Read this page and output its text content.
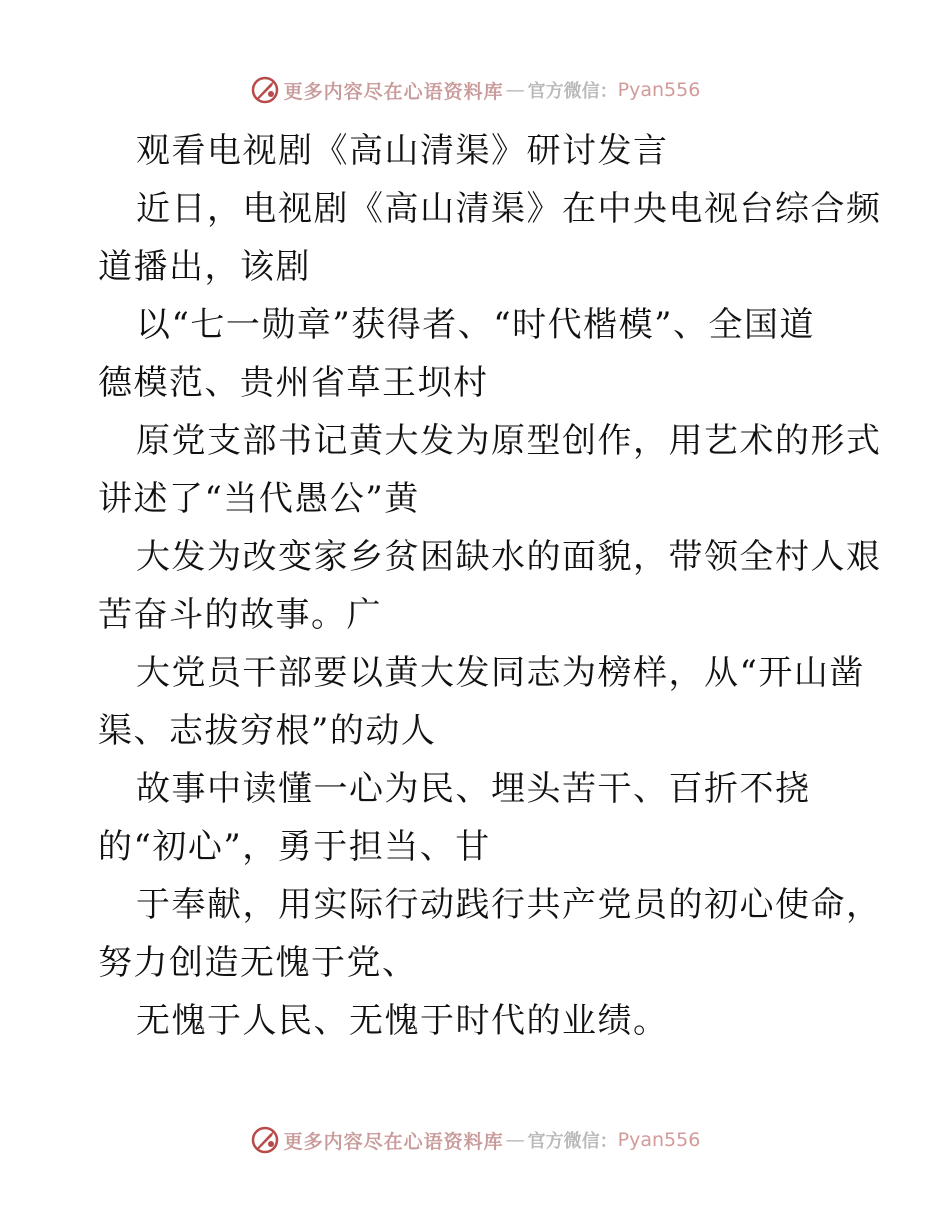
更多内容尽在心语资料库 — 官方微信： Pyan556
观看电视剧《高山清渠》研讨发言
近日，电视剧《高山清渠》在中央电视台综合频
道播出，该剧
以“七一勋章”获得者、“时代楷模”、全国道
德模范、贵州省草王坝村
原党支部书记黄大发为原型创作，用艺术的形式
讲述了“当代愚公”黄
大发为改变家乡贫困缺水的面貌，带领全村人艰
苦奋斗的故事。广
大党员干部要以黄大发同志为榜样，从“开山凿
渠、志拔穷根”的动人
故事中读懂一心为民、埋头苦干、百折不挠
的“初心”，勇于担当、甘
于奉献，用实际行动践行共产党员的初心使命，
努力创造无愧于党、
无愧于人民、无愧于时代的业绩。
更多内容尽在心语资料库 — 官方微信： Pyan556
